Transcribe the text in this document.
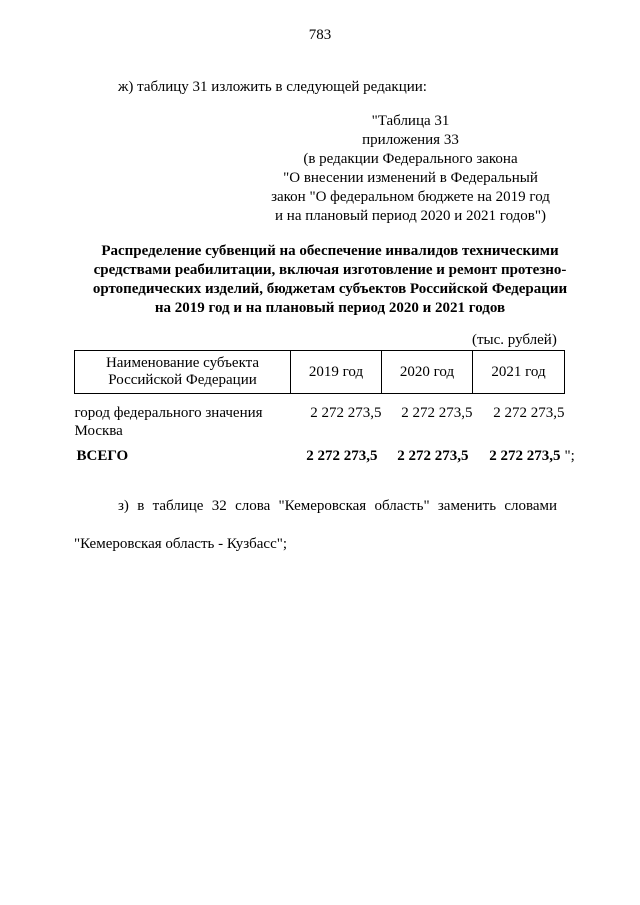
783
ж) таблицу 31 изложить в следующей редакции:
"Таблица 31
приложения 33
(в редакции Федерального закона
"О внесении изменений в Федеральный
закон "О федеральном бюджете на 2019 год
и на плановый период 2020 и 2021 годов")
Распределение субвенций на обеспечение инвалидов техническими
средствами реабилитации, включая изготовление и ремонт протезно-
ортопедических изделий, бюджетам субъектов Российской Федерации
на 2019 год и на плановый период 2020 и 2021 годов
(тыс. рублей)
Наименование субъекта
Российской Федерации	2019 год	2020 год	2021 год

город федерального значения
Москва	2 272 273,5	2 272 273,5	2 272 273,5
ВСЕГО	2 272 273,5	2 272 273,5	2 272 273,5 ";
з) в таблице 32 слова "Кемеровская область" заменить словами
"Кемеровская область - Кузбасс";
